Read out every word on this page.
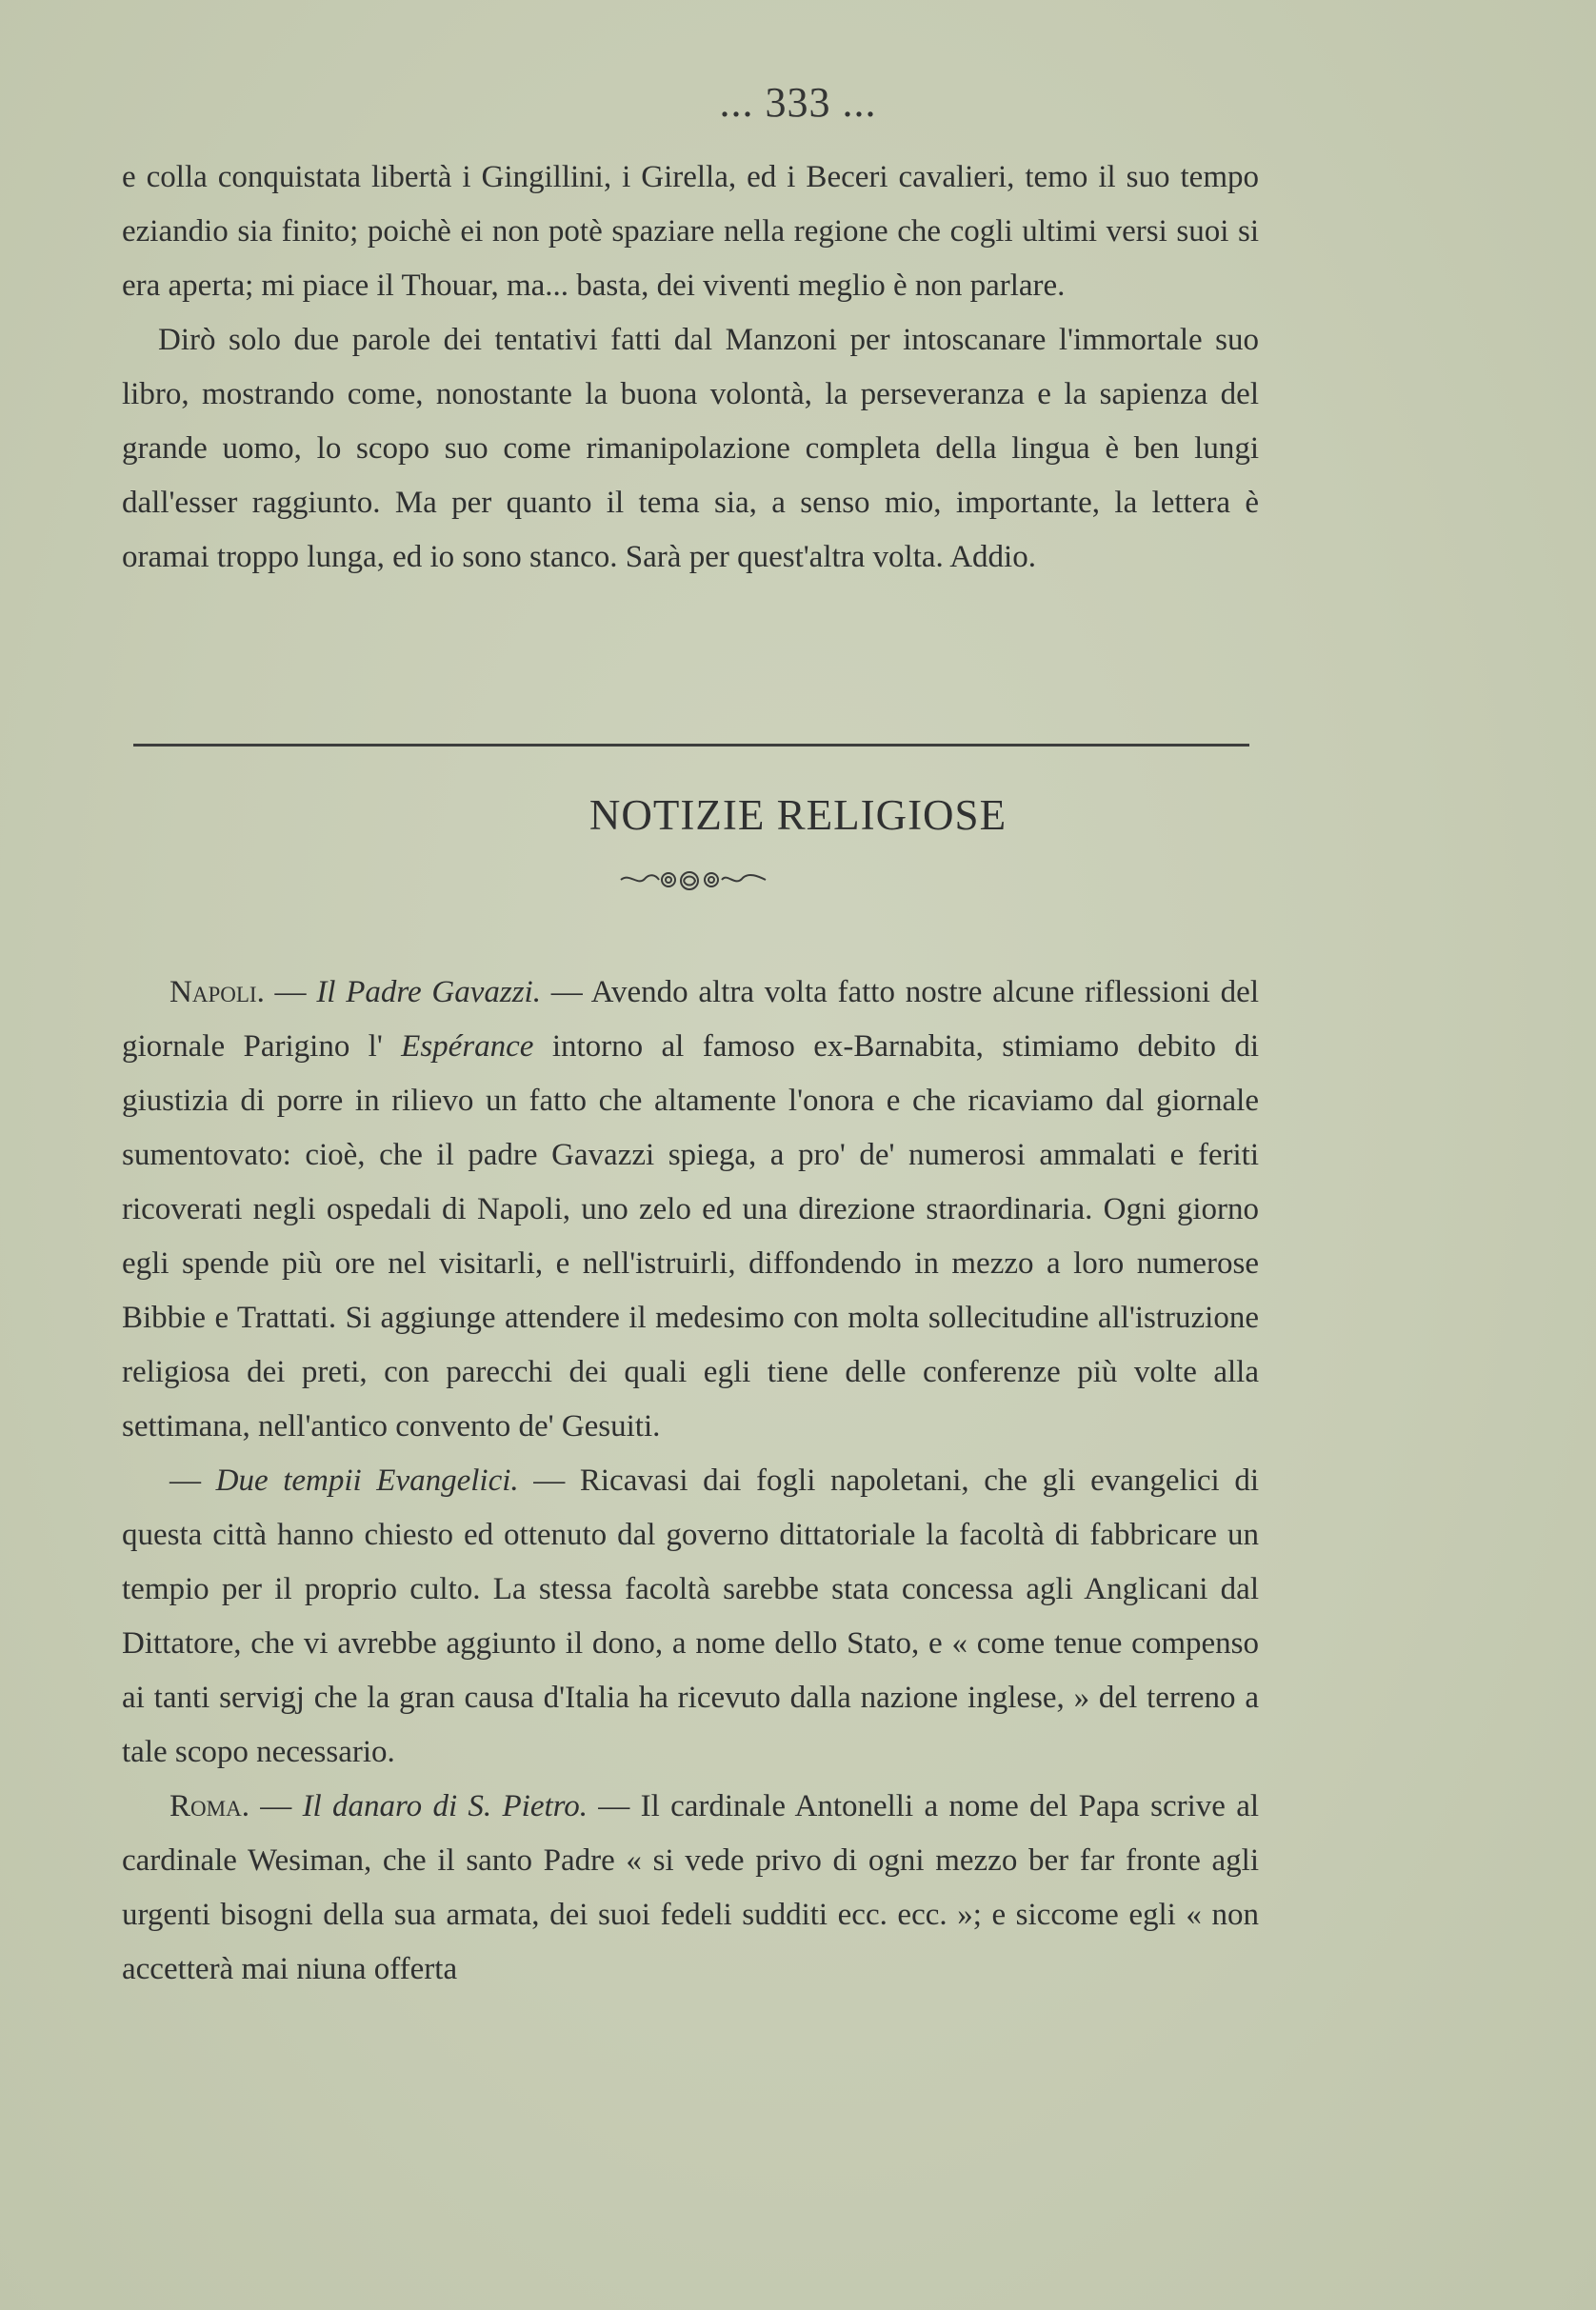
... 333 ...

e colla conquistata libertà i Gingillini, i Girella, ed i Beceri cavalieri, temo il suo tempo eziandio sia finito; poichè ei non potè spaziare nella regione che cogli ultimi versi suoi si era aperta; mi piace il Thouar, ma... basta, dei viventi meglio è non parlare.

Dirò solo due parole dei tentativi fatti dal Manzoni per intoscanare l'immortale suo libro, mostrando come, nonostante la buona volontà, la perseveranza e la sapienza del grande uomo, lo scopo suo come rimanipolazione completa della lingua è ben lungi dall'esser raggiunto. Ma per quanto il tema sia, a senso mio, importante, la lettera è oramai troppo lunga, ed io sono stanco. Sarà per quest'altra volta. Addio.

NOTIZIE RELIGIOSE

Napoli. — Il Padre Gavazzi. — Avendo altra volta fatto nostre alcune riflessioni del giornale Parigino l' Espérance intorno al famoso ex-Barnabita, stimiamo debito di giustizia di porre in rilievo un fatto che altamente l'onora e che ricaviamo dal giornale sumentovato: cioè, che il padre Gavazzi spiega, a pro' de' numerosi ammalati e feriti ricoverati negli ospedali di Napoli, uno zelo ed una direzione straordinaria. Ogni giorno egli spende più ore nel visitarli, e nell'istruirli, diffondendo in mezzo a loro numerose Bibbie e Trattati. Si aggiunge attendere il medesimo con molta sollecitudine all'istruzione religiosa dei preti, con parecchi dei quali egli tiene delle conferenze più volte alla settimana, nell'antico convento de' Gesuiti.

— Due tempii Evangelici. — Ricavasi dai fogli napoletani, che gli evangelici di questa città hanno chiesto ed ottenuto dal governo dittatoriale la facoltà di fabbricare un tempio per il proprio culto. La stessa facoltà sarebbe stata concessa agli Anglicani dal Dittatore, che vi avrebbe aggiunto il dono, a nome dello Stato, e « come tenue compenso ai tanti servigj che la gran causa d'Italia ha ricevuto dalla nazione inglese, » del terreno a tale scopo necessario.

Roma. — Il danaro di S. Pietro. — Il cardinale Antonelli a nome del Papa scrive al cardinale Wesiman, che il santo Padre « si vede privo di ogni mezzo ber far fronte agli urgenti bisogni della sua armata, dei suoi fedeli sudditi ecc. ecc. »; e siccome egli « non accetterà mai niuna offerta
